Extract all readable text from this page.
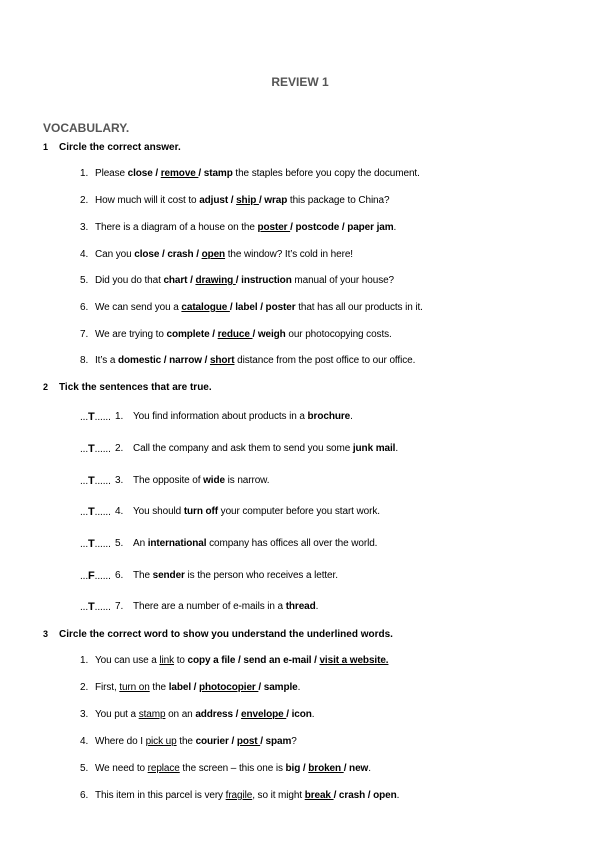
REVIEW 1
VOCABULARY.
1 Circle the correct answer.
1. Please close / remove / stamp the staples before you copy the document.
2. How much will it cost to adjust / ship / wrap this package to China?
3. There is a diagram of a house on the poster / postcode / paper jam.
4. Can you close / crash / open the window? It’s cold in here!
5. Did you do that chart / drawing / instruction manual of your house?
6. We can send you a catalogue / label / poster that has all our products in it.
7. We are trying to complete / reduce / weigh our photocopying costs.
8. It’s a domestic / narrow / short distance from the post office to our office.
2 Tick the sentences that are true.
...T...... 1. You find information about products in a brochure.
...T...... 2. Call the company and ask them to send you some junk mail.
...T...... 3. The opposite of wide is narrow.
...T...... 4. You should turn off your computer before you start work.
...T...... 5. An international company has offices all over the world.
...F...... 6. The sender is the person who receives a letter.
...T...... 7. There are a number of e-mails in a thread.
3 Circle the correct word to show you understand the underlined words.
1. You can use a link to copy a file / send an e-mail / visit a website.
2. First, turn on the label / photocopier / sample.
3. You put a stamp on an address / envelope / icon.
4. Where do I pick up the courier / post / spam?
5. We need to replace the screen – this one is big / broken / new.
6. This item in this parcel is very fragile, so it might break / crash / open.
